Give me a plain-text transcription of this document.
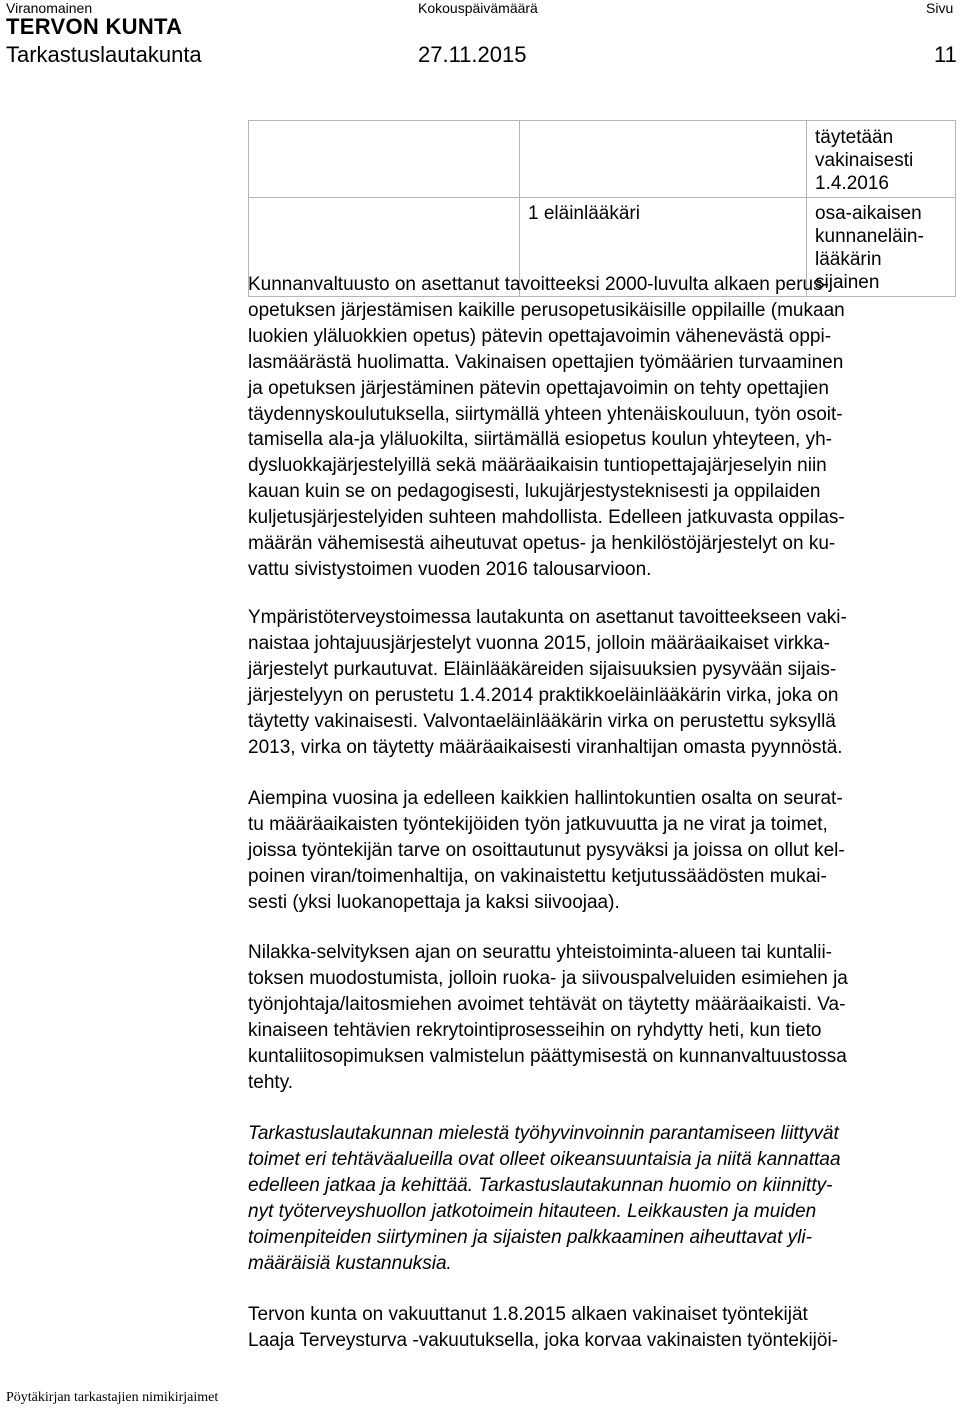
Viranomainen	Kokouspäivämäärä	Sivu
TERVON KUNTA
Tarkastuslautakunta	27.11.2015	11

		täytetään vakinaisesti
1.4.2016

	1 eläinlääkäri	osa-aikaisen kunnaneläin-
lääkärin sijainen

Kunnanvaltuusto on asettanut tavoitteeksi 2000-luvulta alkaen perus-

opetuksen järjestämisen kaikille perusopetusikäisille oppilaille (mukaan

luokien yläluokkien opetus) pätevin opettajavoimin vähenevästä oppi-

lasmäärästä huolimatta. Vakinaisen opettajien työmäärien turvaaminen

ja opetuksen järjestäminen pätevin opettajavoimin on tehty opettajien

täydennyskoulutuksella, siirtymällä yhteen yhtenäiskouluun, työn osoit-

tamisella ala-ja yläluokilta, siirtämällä esiopetus koulun yhteyteen, yh-

dysluokkajärjestelyillä sekä määräaikaisin tuntiopettajajärjeselyin niin

kauan kuin se on pedagogisesti, lukujärjestysteknisesti ja oppilaiden

kuljetusjärjestelyiden suhteen mahdollista. Edelleen jatkuvasta oppilas-

määrän vähemisestä aiheutuvat opetus- ja henkilöstöjärjestelyt on ku-

vattu sivistystoimen vuoden 2016 talousarvioon.

Ympäristöterveystoimessa lautakunta on asettanut tavoitteekseen vaki-

naistaa johtajuusjärjestelyt vuonna 2015, jolloin määräaikaiset virkka-

järjestelyt purkautuvat. Eläinlääkäreiden sijaisuuksien pysyvään sijais-

järjestelyyn on perustetu 1.4.2014 praktikkoeläinlääkärin virka, joka on

täytetty vakinaisesti. Valvontaeläinlääkärin virka on perustettu syksyllä

2013, virka on täytetty määräaikaisesti viranhaltijan omasta pyynnöstä.

Aiempina vuosina ja edelleen kaikkien hallintokuntien osalta on seurat-

tu määräaikaisten työntekijöiden työn jatkuvuutta ja ne virat ja toimet,

joissa työntekijän tarve on osoittautunut pysyväksi ja joissa on ollut kel-

poinen viran/toimenhaltija, on vakinaistettu ketjutussäädösten mukai-

sesti (yksi luokanopettaja ja kaksi siivoojaa).

Nilakka-selvityksen ajan on seurattu yhteistoiminta-alueen tai kuntalii-

toksen muodostumista, jolloin ruoka- ja siivouspalveluiden esimiehen ja

työnjohtaja/laitosmiehen avoimet tehtävät on täytetty määräaikaisti. Va-

kinaiseen tehtävien rekrytointiprosesseihin on ryhdytty heti, kun tieto

kuntaliitosopimuksen valmistelun päättymisestä on kunnanvaltuustossa

tehty.

Tarkastuslautakunnan mielestä työhyvinvoinnin parantamiseen liittyvät

toimet eri tehtäväalueilla ovat olleet oikeansuuntaisia ja niitä kannattaa

edelleen jatkaa ja kehittää. Tarkastuslautakunnan huomio on kiinnitty-

nyt työterveyshuollon jatkotoimein hitauteen. Leikkausten ja muiden

toimenpiteiden siirtyminen ja sijaisten palkkaaminen aiheuttavat yli-

määräisiä kustannuksia.

Tervon kunta on vakuuttanut 1.8.2015 alkaen vakinaiset työntekijät

Laaja Terveysturva -vakuutuksella, joka korvaa vakinaisten työntekijöi-

Pöytäkirjan tarkastajien nimikirjaimet
